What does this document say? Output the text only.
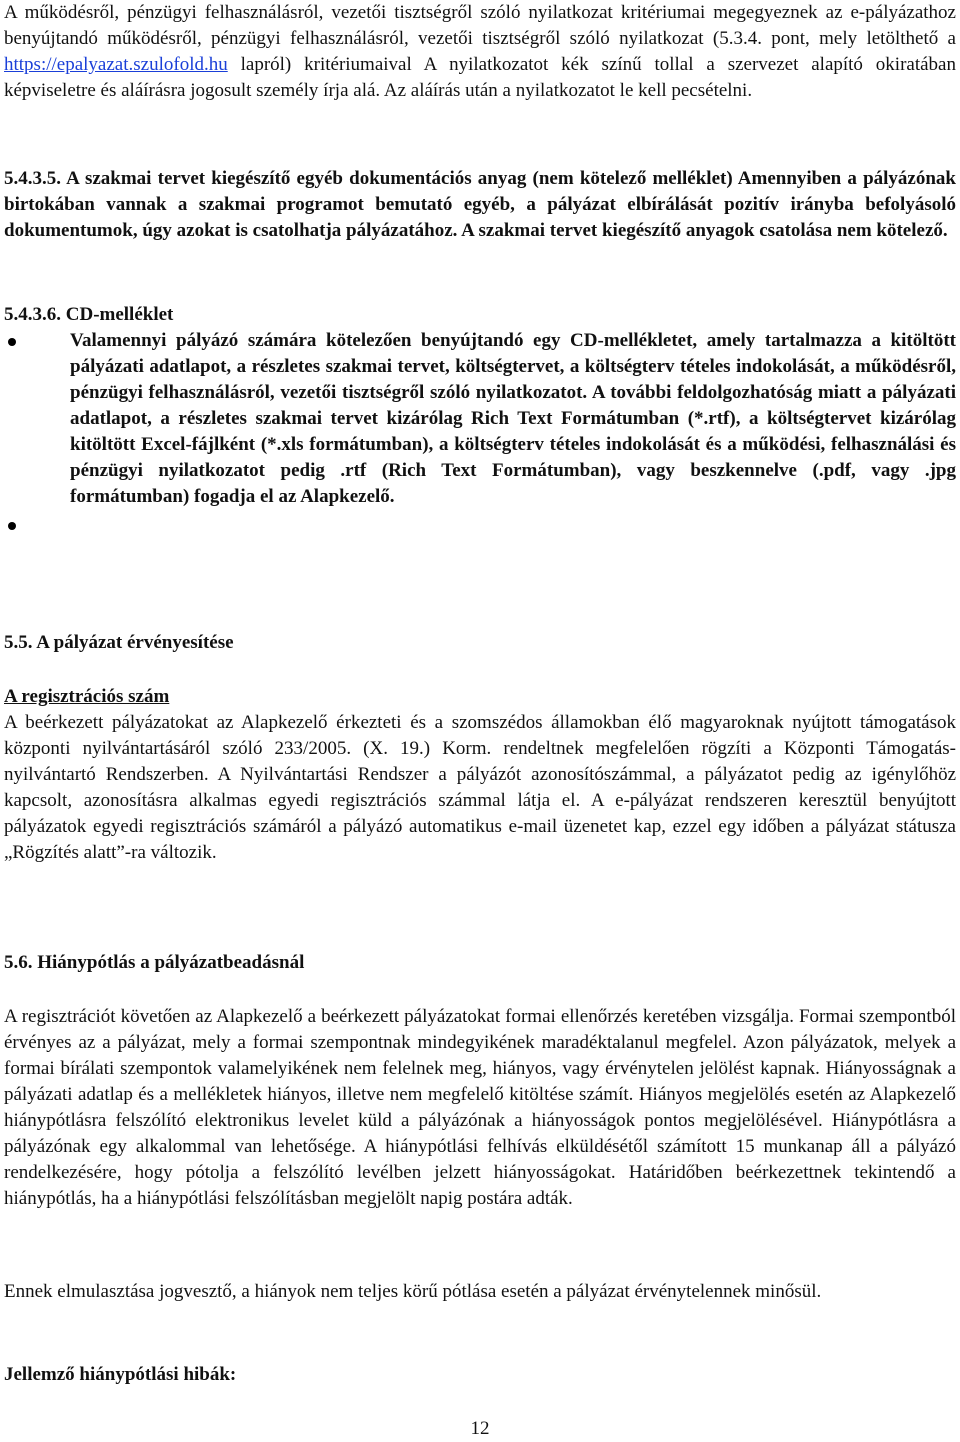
A működésről, pénzügyi felhasználásról, vezetői tisztségről szóló nyilatkozat kritériumai megegyeznek az e-pályázathoz benyújtandó működésről, pénzügyi felhasználásról, vezetői tisztségről szóló nyilatkozat (5.3.4. pont, mely letölthető a https://epalyazat.szulofold.hu lapról) kritériumaival A nyilatkozatot kék színű tollal a szervezet alapító okiratában képviseletre és aláírásra jogosult személy írja alá. Az aláírás után a nyilatkozatot le kell pecsételni.

5.4.3.5. A szakmai tervet kiegészítő egyéb dokumentációs anyag (nem kötelező melléklet) Amennyiben a pályázónak birtokában vannak a szakmai programot bemutató egyéb, a pályázat elbírálását pozitív irányba befolyásoló dokumentumok, úgy azokat is csatolhatja pályázatához. A szakmai tervet kiegészítő anyagok csatolása nem kötelező.

5.4.3.6. CD-melléklet

Valamennyi pályázó számára kötelezően benyújtandó egy CD-mellékletet, amely tartalmazza a kitöltött pályázati adatlapot, a részletes szakmai tervet, költségtervet, a költségterv tételes indokolását, a működésről, pénzügyi felhasználásról, vezetői tisztségről szóló nyilatkozatot. A további feldolgozhatóság miatt a pályázati adatlapot, a részletes szakmai tervet kizárólag Rich Text Formátumban (*.rtf), a költségtervet kizárólag kitöltött Excel-fájlként (*.xls formátumban), a költségterv tételes indokolását és a működési, felhasználási és pénzügyi nyilatkozatot pedig .rtf (Rich Text Formátumban), vagy beszkennelve (.pdf, vagy .jpg formátumban) fogadja el az Alapkezelő.

5.5. A pályázat érvényesítése

A regisztrációs szám

A beérkezett pályázatokat az Alapkezelő érkezteti és a szomszédos államokban élő magyaroknak nyújtott támogatások központi nyilvántartásáról szóló 233/2005. (X. 19.) Korm. rendeltnek megfelelően rögzíti a Központi Támogatás-nyilvántartó Rendszerben. A Nyilvántartási Rendszer a pályázót azonosítószámmal, a pályázatot pedig az igénylőhöz kapcsolt, azonosításra alkalmas egyedi regisztrációs számmal látja el. A e-pályázat rendszeren keresztül benyújtott pályázatok egyedi regisztrációs számáról a pályázó automatikus e-mail üzenetet kap, ezzel egy időben a pályázat státusza „Rögzítés alatt”-ra változik.

5.6. Hiánypótlás a pályázatbeadásnál

A regisztrációt követően az Alapkezelő a beérkezett pályázatokat formai ellenőrzés keretében vizsgálja. Formai szempontból érvényes az a pályázat, mely a formai szempontnak mindegyikének maradéktalanul megfelel. Azon pályázatok, melyek a formai bírálati szempontok valamelyikének nem felelnek meg, hiányos, vagy érvénytelen jelölést kapnak. Hiányosságnak a pályázati adatlap és a mellékletek hiányos, illetve nem megfelelő kitöltése számít. Hiányos megjelölés esetén az Alapkezelő hiánypótlásra felszólító elektronikus levelet küld a pályázónak a hiányosságok pontos megjelölésével. Hiánypótlásra a pályázónak egy alkalommal van lehetősége. A hiánypótlási felhívás elküldésétől számított 15 munkanap áll a pályázó rendelkezésére, hogy pótolja a felszólító levélben jelzett hiányosságokat. Határidőben beérkezettnek tekintendő a hiánypótlás, ha a hiánypótlási felszólításban megjelölt napig postára adták.

Ennek elmulasztása jogvesztő, a hiányok nem teljes körű pótlása esetén a pályázat érvénytelennek minősül.

Jellemző hiánypótlási hibák:

12
